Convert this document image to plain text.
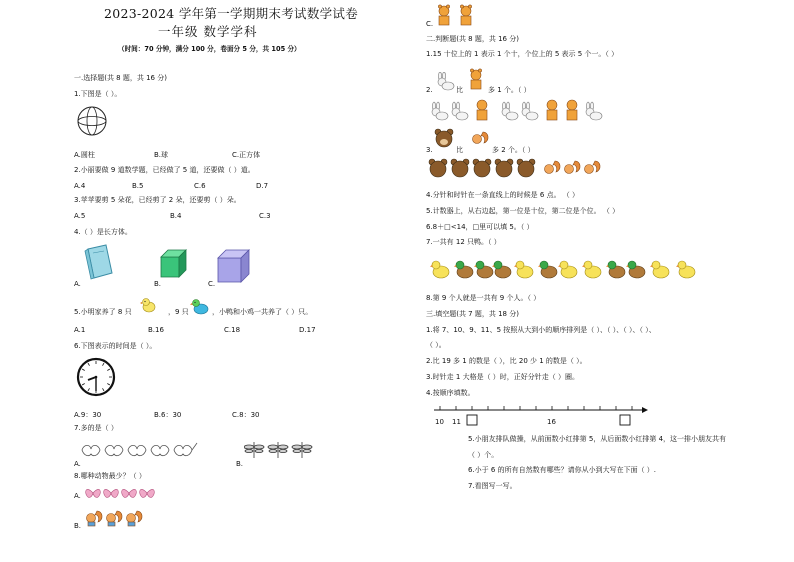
2023-2024 学年第一学期期末考试数学试卷
一年级 数学学科
（时间：70 分钟，满分 100 分，卷面分 5 分，共 105 分）
一.选择题(共 8 题，共 16 分)
1.下图是（ ）。
A.圆柱	B.球	C.正方体
2.小丽要做 9 道数学题，已经做了 5 道，还要做（ ）道。
A.4	B.5	C.6	D.7
3.苹苹要剪 5 朵花，已经剪了 2 朵，还要剪（ ）朵。
A.5	B.4	C.3
4.（ ）是长方体。
A.	B.	C.
5.小明家养了 8 只	，9 只	，小鸭和小鸡一共养了（ ）只。
A.1	B.16	C.18	D.17
6.下图表示的时间是（ ）。
A.9：30	B.6：30	C.8：30
7.多的是（ ）
A.	B.
8.哪种动物最少？（ ）
A.
B.
C.
二.判断题(共 8 题，共 16 分)
1.15 十位上的 1 表示 1 个十，个位上的 5 表示 5 个一。（ ）
2.	比	多 1 个。（ ）
3.	比	多 2 个。（ ）
4.分针和时针在一条直线上的时候是 6 点。 （ ）
5.计数器上，从右边起，第一位是十位，第二位是个位。 （ ）
6.8＋□<14，□里可以填 5。（ ）
7.一共有 12 只鸭。（ ）
8.第 9 个人就是一共有 9 个人。（ ）
三.填空题(共 7 题，共 18 分)
1.将 7、10、9、11、5 按照从大到小的顺序排列是（ ）、（ ）、（ ）、（ ）、
（ ）。
2.比 19 多 1 的数是（ ），比 20 少 1 的数是（ ）。
3.时针走 1 大格是（ ）时，正好分针走（ ）圈。
4.按顺序填数。
10 11	16
5.小朋友排队做操，从前面数小红排第 5，从后面数小红排第 4，这一排小朋友共有
（ ）个。
6.小于 6 的所有自然数有哪些？请你从小到大写在下面（ ）.
7.看图写一写。
